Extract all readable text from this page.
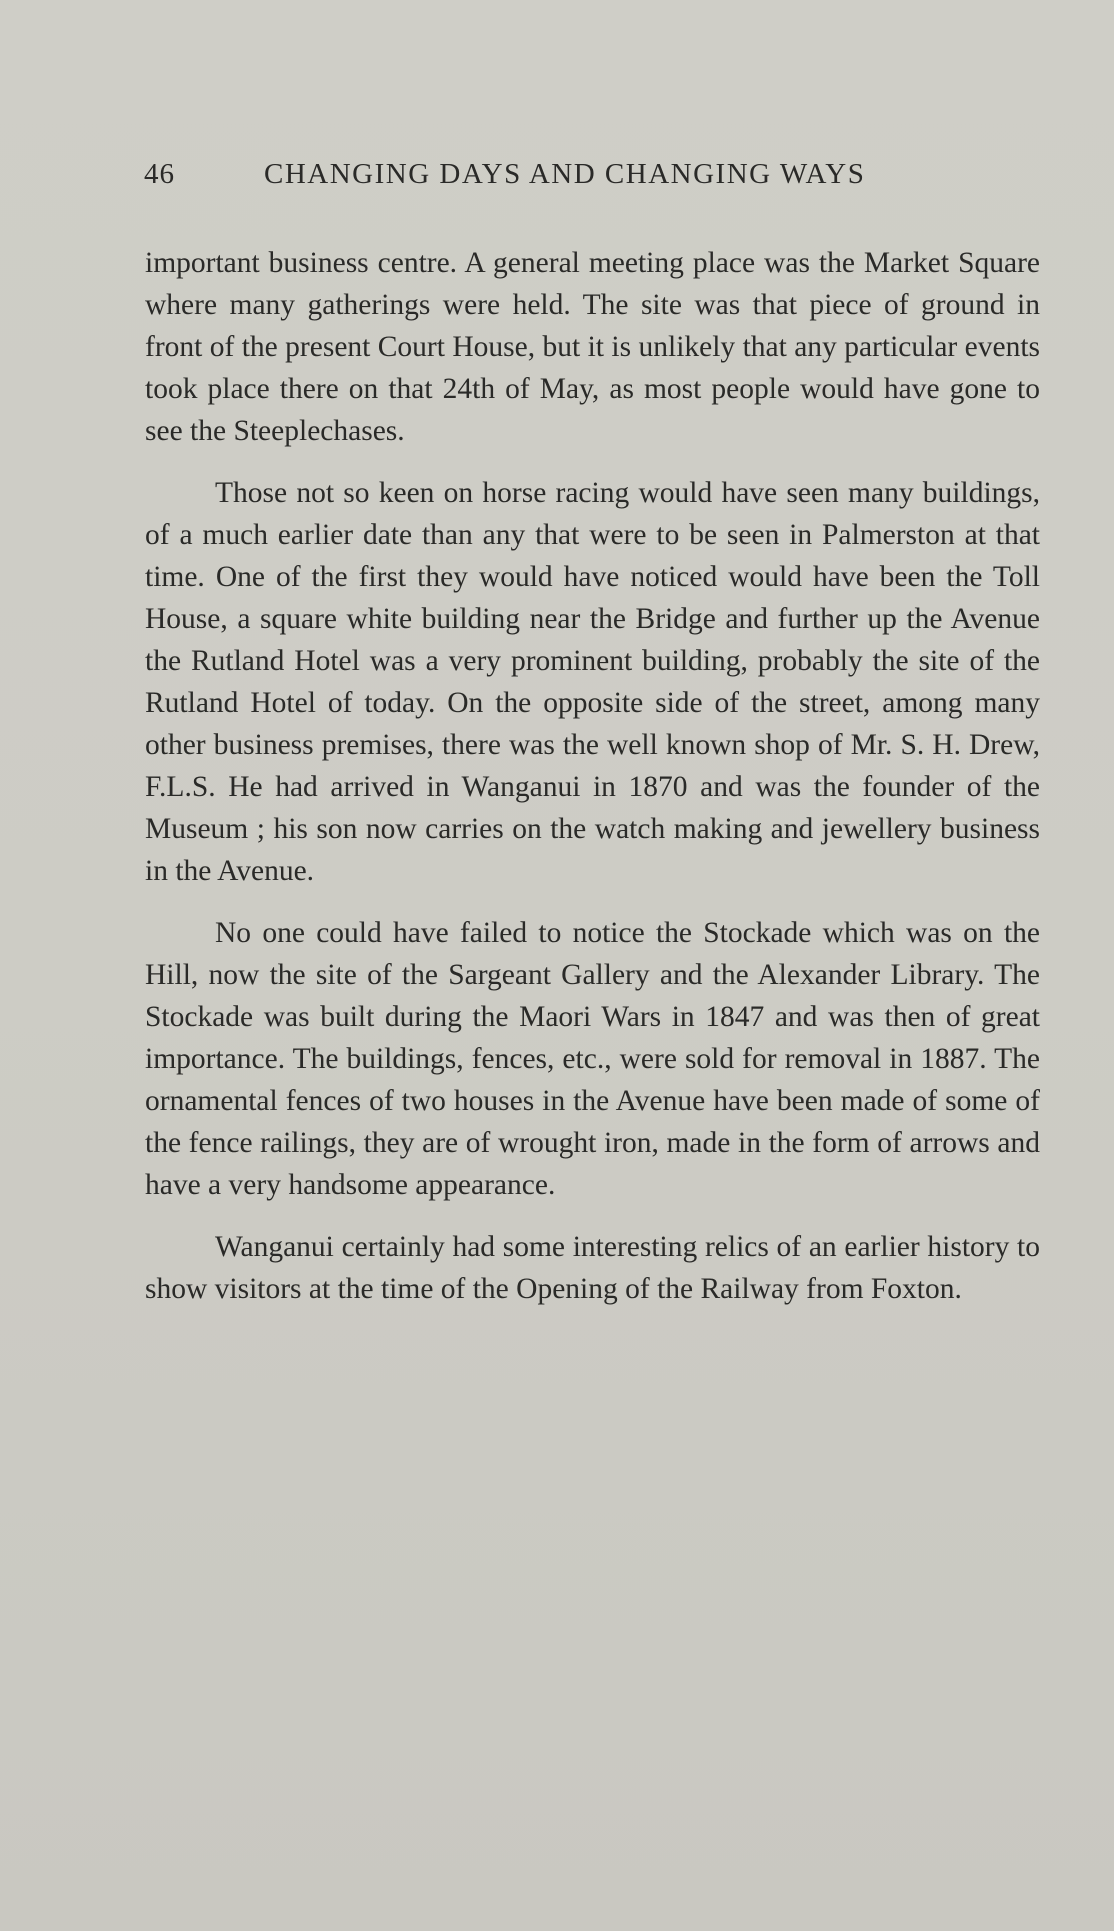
46	CHANGING DAYS AND CHANGING WAYS

important business centre. A general meeting place was the Market Square where many gatherings were held. The site was that piece of ground in front of the present Court House, but it is unlikely that any particular events took place there on that 24th of May, as most people would have gone to see the Steeplechases.

Those not so keen on horse racing would have seen many buildings, of a much earlier date than any that were to be seen in Palmerston at that time. One of the first they would have noticed would have been the Toll House, a square white building near the Bridge and further up the Avenue the Rutland Hotel was a very prominent building, probably the site of the Rutland Hotel of today. On the opposite side of the street, among many other business premises, there was the well known shop of Mr. S. H. Drew, F.L.S. He had arrived in Wanganui in 1870 and was the founder of the Museum ; his son now carries on the watch making and jewellery business in the Avenue.

No one could have failed to notice the Stockade which was on the Hill, now the site of the Sargeant Gallery and the Alexander Library. The Stockade was built during the Maori Wars in 1847 and was then of great importance. The buildings, fences, etc., were sold for removal in 1887. The ornamental fences of two houses in the Avenue have been made of some of the fence railings, they are of wrought iron, made in the form of arrows and have a very handsome appearance.

Wanganui certainly had some interesting relics of an earlier history to show visitors at the time of the Opening of the Railway from Foxton.
